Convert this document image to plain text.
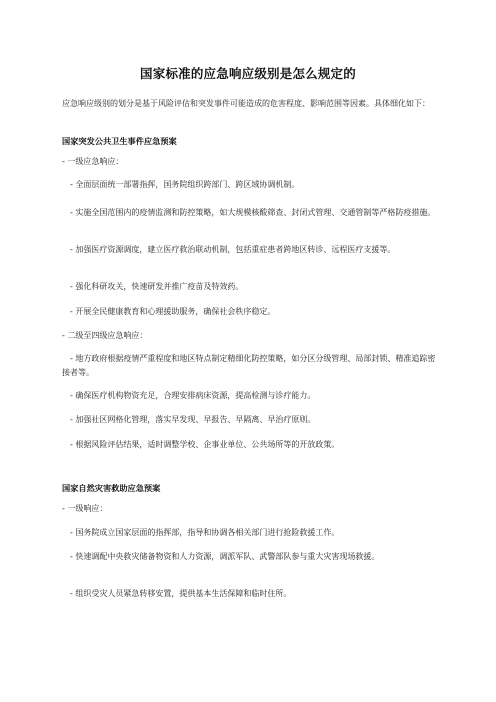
国家标准的应急响应级别是怎么规定的
应急响应级别的划分是基于风险评估和突发事件可能造成的危害程度、影响范围等因素。具体细化如下：
国家突发公共卫生事件应急预案
- 一级应急响应：
- 全面层面统一部署指挥，国务院组织跨部门、跨区域协调机制。
- 实施全国范围内的疫情监测和防控策略，如大规模核酸筛查、封闭式管理、交通管制等严格防疫措施。
- 加强医疗资源调度，建立医疗救治联动机制，包括重症患者跨地区转诊、远程医疗支援等。
- 强化科研攻关，快速研发并推广疫苗及特效药。
- 开展全民健康教育和心理援助服务，确保社会秩序稳定。
- 二级至四级应急响应：
- 地方政府根据疫情严重程度和地区特点制定精细化防控策略，如分区分级管理、局部封锁、精准追踪密接者等。
- 确保医疗机构物资充足，合理安排病床资源，提高检测与诊疗能力。
- 加强社区网格化管理，落实早发现、早报告、早隔离、早治疗原则。
- 根据风险评估结果，适时调整学校、企事业单位、公共场所等的开放政策。
国家自然灾害救助应急预案
- 一级响应：
- 国务院成立国家层面的指挥部，指导和协调各相关部门进行抢险救援工作。
- 快速调配中央救灾储备物资和人力资源，调派军队、武警部队参与重大灾害现场救援。
- 组织受灾人员紧急转移安置，提供基本生活保障和临时住所。
